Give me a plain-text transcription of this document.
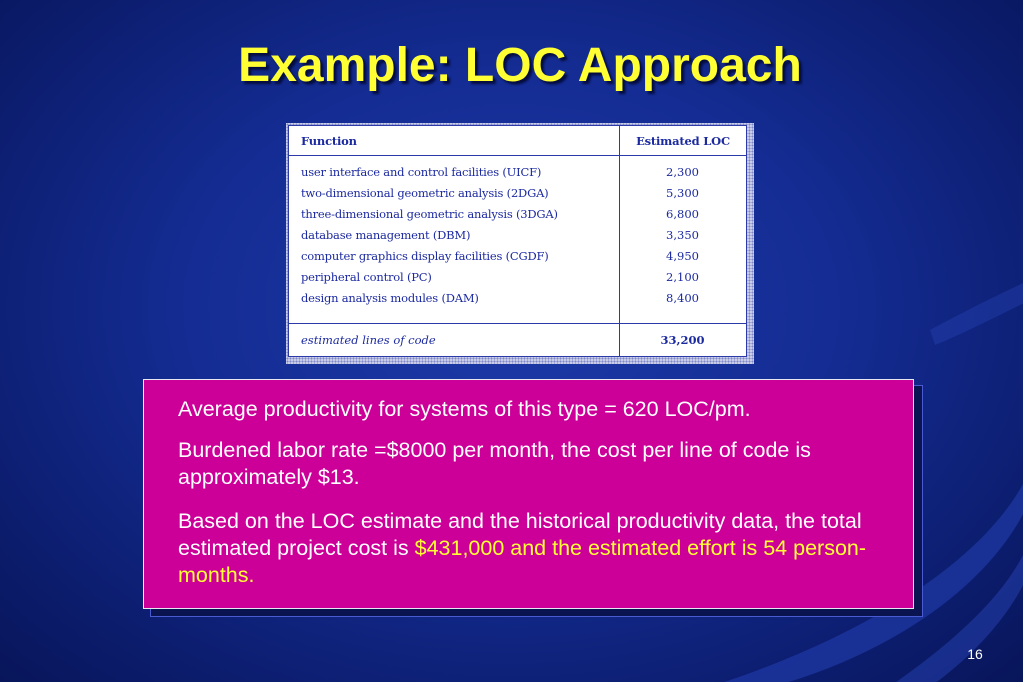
Example: LOC Approach
Function	Estimated LOC
user interface and control facilities (UICF)	2,300
two-dimensional geometric analysis (2DGA)	5,300
three-dimensional geometric analysis (3DGA)	6,800
database management (DBM)	3,350
computer graphics display facilities (CGDF)	4,950
peripheral control (PC)	2,100
design analysis modules (DAM)	8,400
estimated lines of code	33,200

Average productivity for systems of this type = 620 LOC/pm.

Burdened labor rate =$8000 per month, the cost per line of code is approximately $13.

Based on the LOC estimate and the historical productivity data, the total estimated project cost is $431,000 and the estimated effort is 54 person-months.

16
